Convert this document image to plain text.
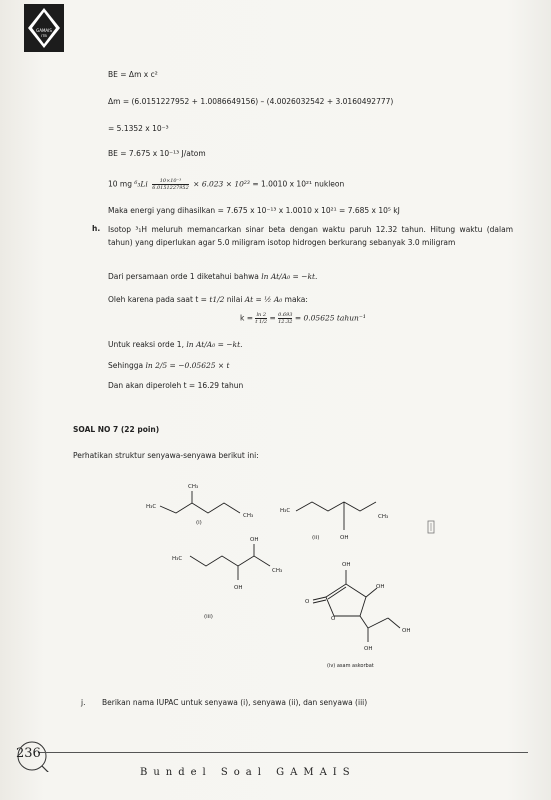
GAMAIS
ITB
BE = Δm x c²
Δm = (6.0151227952 + 1.0086649156) – (4.0026032542 + 3.0160492777)
= 5.1352 x 10⁻³
BE = 7.675 x 10⁻¹³ J/atom
10 mg $^6_3Li \frac{\text{10×10⁻³}}{6.0151227952} \times 6.023 \times 10^{23} = 1.0010$ x 10²¹ nukleon
Maka energi yang dihasilkan = 7.675 x 10⁻¹³ x 1.0010 x 10²¹ = 7.685 x 10⁵ kJ
h. Isotop ³₁H meluruh memancarkan sinar beta dengan waktu paruh 12.32 tahun. Hitung waktu (dalam tahun) yang diperlukan agar 5.0 miligram isotop hidrogen berkurang sebanyak 3.0 miligram
Dari persamaan orde 1 diketahui bahwa ln At/A₀ = −kt.
Oleh karena pada saat t = t1/2 nilai At = ½ A₀ maka:
$k = \frac{\ln 2}{t 1/2} = \frac{0.693}{12.32} = 0.05625$ tahun⁻¹
Untuk reaksi orde 1, ln At/A₀ = −kt.
Sehingga ln 2/5 = −0.05625 × t
Dan akan diperoleh t = 16.29 tahun
SOAL NO 7 (22 poin)
Perhatikan struktur senyawa-senyawa berikut ini:
CH₃
H₃C
CH₃
(i)
H₃C
CH₃
OH
(ii)
H₃C
OH
CH₃
OH
(iii)
OH
OH
O
O
OH
OH
(iv) asam askorbat
j. Berikan nama IUPAC untuk senyawa (i), senyawa (ii), dan senyawa (iii)
236
Bundel Soal GAMAIS
